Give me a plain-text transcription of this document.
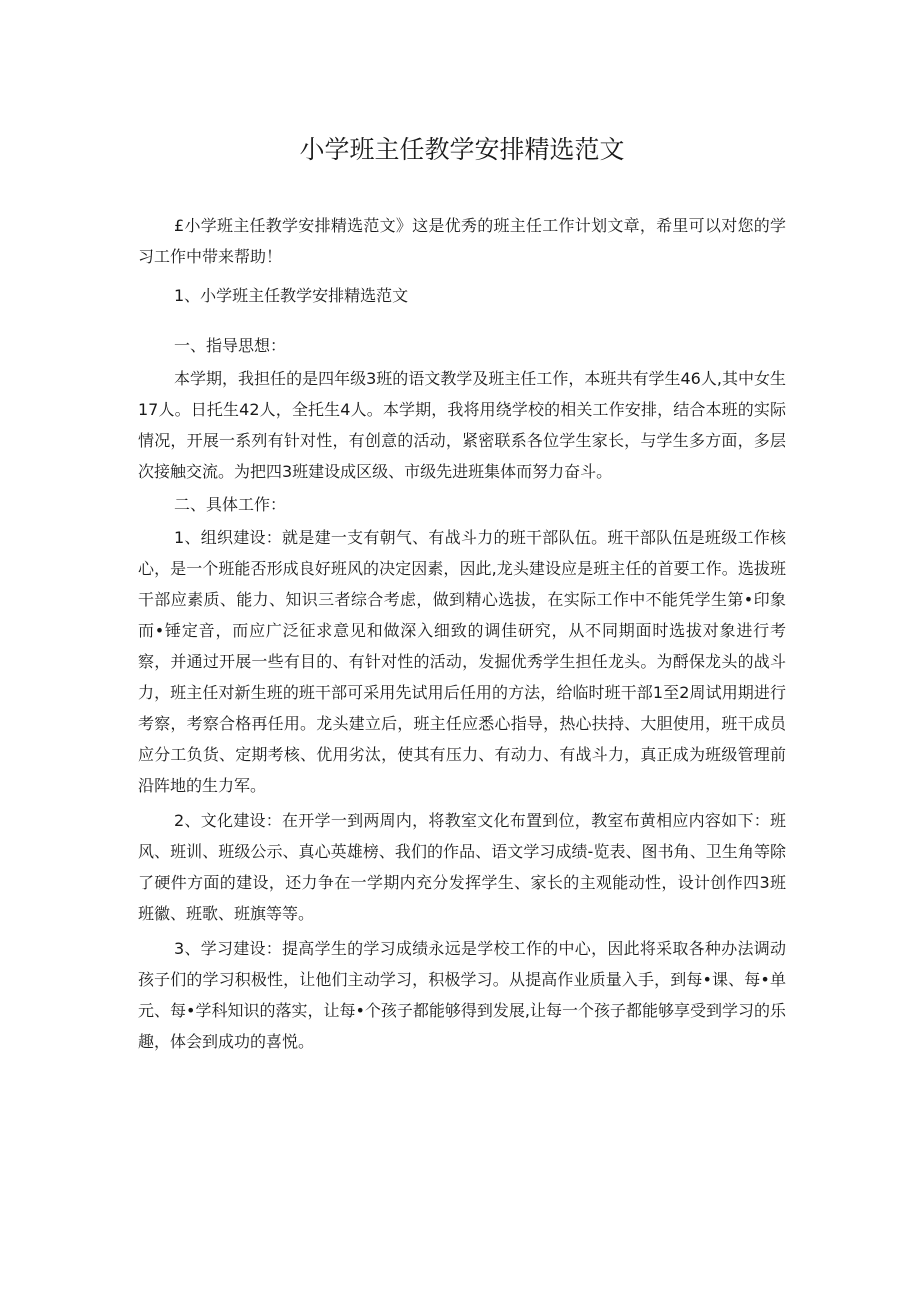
小学班主任教学安排精选范文

£小学班主任教学安排精选范文》这是优秀的班主任工作计划文章，希里可以对您的学习工作中带来帮助！

1、小学班主任教学安排精选范文

一、指导思想：

本学期，我担任的是四年级3班的语文教学及班主任工作，本班共有学生46人,其中女生17人。日托生42人，全托生4人。本学期，我将用绕学校的相关工作安排，结合本班的实际情况，开展一系列有针对性，有创意的活动，紧密联系各位学生家长，与学生多方面，多层次接触交流。为把四3班建设成区级、市级先进班集体而努力奋斗。

二、具体工作：

1、组织建设：就是建一支有朝气、有战斗力的班干部队伍。班干部队伍是班级工作核心，是一个班能否形成良好班风的决定因素，因此,龙头建设应是班主任的首要工作。选拔班干部应素质、能力、知识三者综合考虑，做到精心选拔，在实际工作中不能凭学生第•印象而•锤定音，而应广泛征求意见和做深入细致的调佳研究，从不同期面时选拔对象进行考察，并通过开展一些有目的、有针对性的活动，发掘优秀学生担任龙头。为酹保龙头的战斗力，班主任对新生班的班干部可采用先试用后任用的方法，给临时班干部1至2周试用期进行考察，考察合格再任用。龙头建立后，班主任应悉心指导，热心扶持、大胆使用，班干成员应分工负货、定期考核、优用劣汰，使其有压力、有动力、有战斗力，真正成为班级管理前沿阵地的生力军。

2、文化建设：在开学一到两周内，将教室文化布置到位，教室布黄相应内容如下：班风、班训、班级公示、真心英雄榜、我们的作品、语文学习成绩-览表、图书角、卫生角等除了硬件方面的建设，还力争在一学期内充分发挥学生、家长的主观能动性，设计创作四3班班徽、班歌、班旗等等。

3、学习建设：提高学生的学习成绩永远是学校工作的中心，因此将采取各种办法调动孩子们的学习积极性，让他们主动学习，积极学习。从提高作业质量入手，到每•课、每•单元、每•学科知识的落实，让每•个孩子都能够得到发展,让每一个孩子都能够享受到学习的乐趣，体会到成功的喜悦。
